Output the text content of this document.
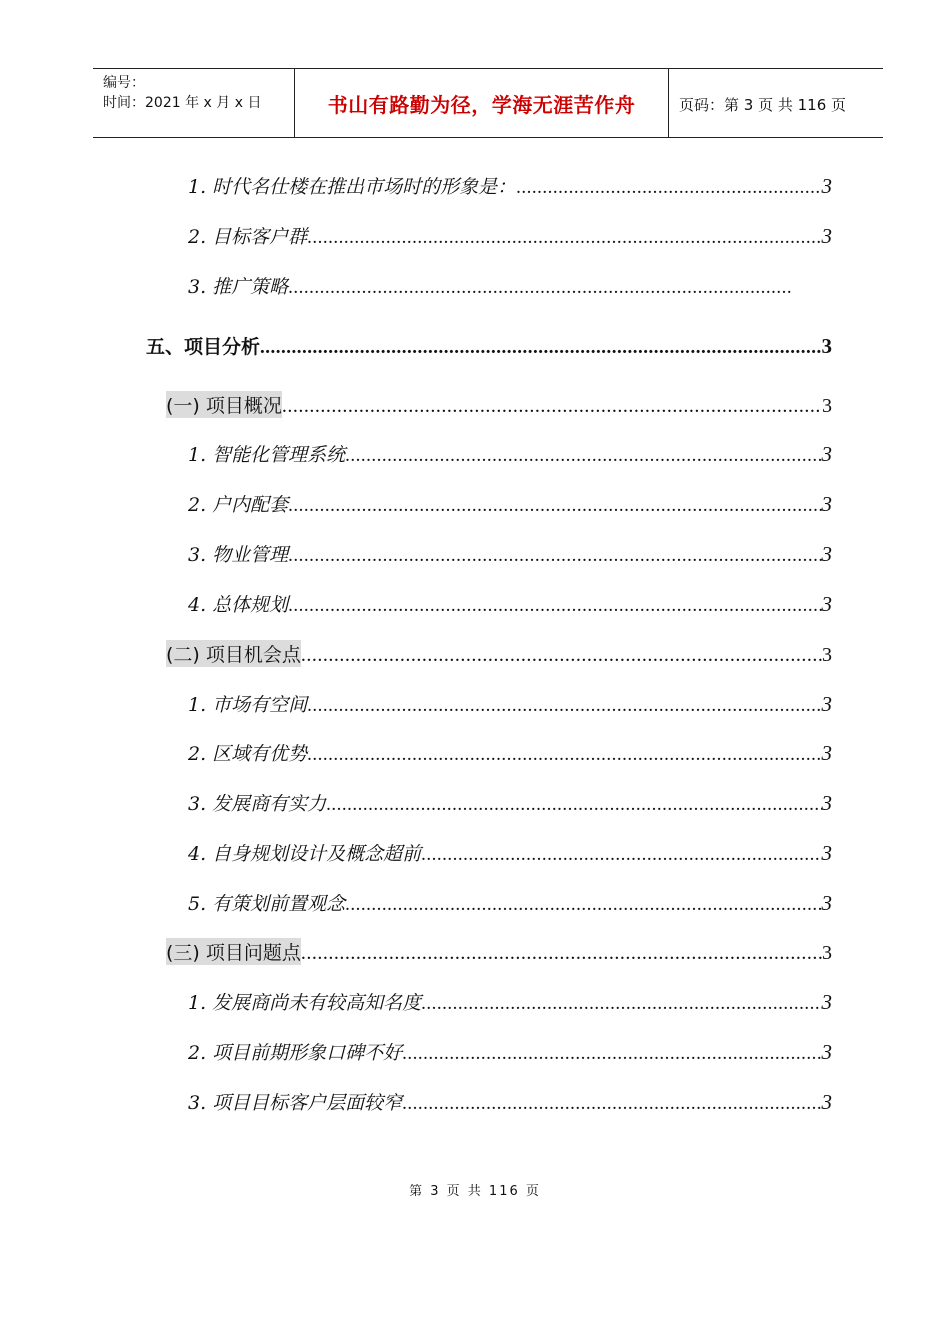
编号：
时间：2021 年 x 月 x 日	书山有路勤为径，学海无涯苦作舟	页码：第 3 页 共 116 页
1. 时代名仕楼在推出市场时的形象是： .....	3
2. 目标客户群 .....	3
3. 推广策略
.....
五、项目分析 .....	3
(一) 项目概况 .....	3
1. 智能化管理系统 .....	3
2. 户内配套 .....	3
3. 物业管理 .....	3
4. 总体规划 .....	3
(二) 项目机会点 .....	3
1. 市场有空间 .....	3
2. 区域有优势 .....	3
3. 发展商有实力 .....	3
4. 自身规划设计及概念超前 .....	3
5. 有策划前置观念 .....	3
(三) 项目问题点 .....	3
1. 发展商尚未有较高知名度 .....	3
2. 项目前期形象口碑不好 .....	3
3. 项目目标客户层面较窄 .....	3
第 3 页 共 116 页
